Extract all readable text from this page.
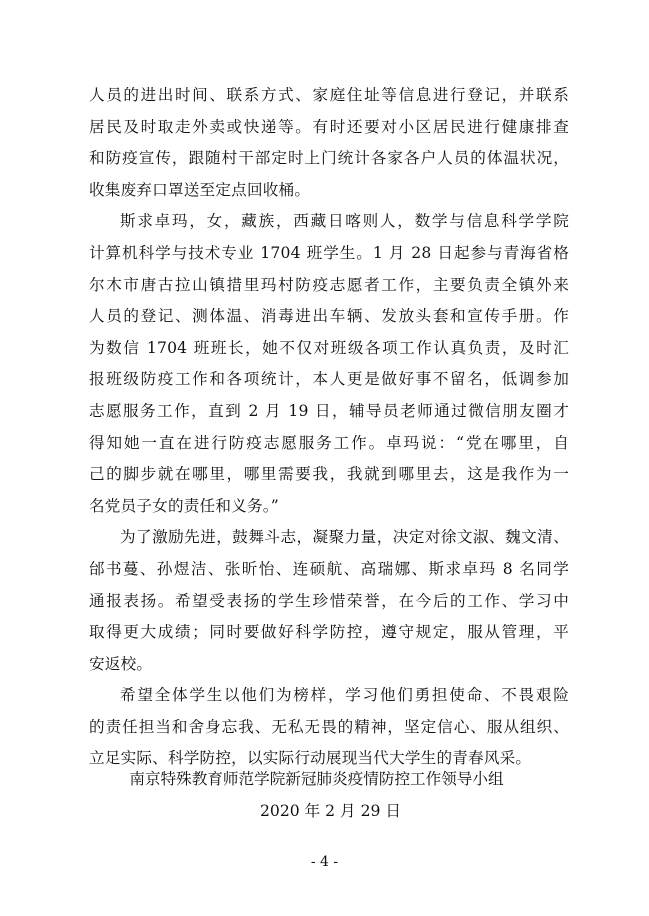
人员的进出时间、联系方式、家庭住址等信息进行登记，并联系
居民及时取走外卖或快递等。有时还要对小区居民进行健康排查
和防疫宣传，跟随村干部定时上门统计各家各户人员的体温状况，
收集废弃口罩送至定点回收桶。
斯求卓玛，女，藏族，西藏日喀则人，数学与信息科学学院
计算机科学与技术专业 1704 班学生。1 月 28 日起参与青海省格
尔木市唐古拉山镇措里玛村防疫志愿者工作，主要负责全镇外来
人员的登记、测体温、消毒进出车辆、发放头套和宣传手册。作
为数信 1704 班班长，她不仅对班级各项工作认真负责，及时汇
报班级防疫工作和各项统计，本人更是做好事不留名，低调参加
志愿服务工作，直到 2 月 19 日，辅导员老师通过微信朋友圈才
得知她一直在进行防疫志愿服务工作。卓玛说：“党在哪里，自
己的脚步就在哪里，哪里需要我，我就到哪里去，这是我作为一
名党员子女的责任和义务。”
为了激励先进，鼓舞斗志，凝聚力量，决定对徐文淑、魏文清、
邰书蔓、孙煜洁、张昕怡、连硕航、高瑞娜、斯求卓玛 8 名同学
通报表扬。希望受表扬的学生珍惜荣誉，在今后的工作、学习中
取得更大成绩；同时要做好科学防控，遵守规定，服从管理，平
安返校。
希望全体学生以他们为榜样，学习他们勇担使命、不畏艰险
的责任担当和舍身忘我、无私无畏的精神，坚定信心、服从组织、
立足实际、科学防控，以实际行动展现当代大学生的青春风采。
南京特殊教育师范学院新冠肺炎疫情防控工作领导小组
2020 年 2 月 29 日
- 4 -
